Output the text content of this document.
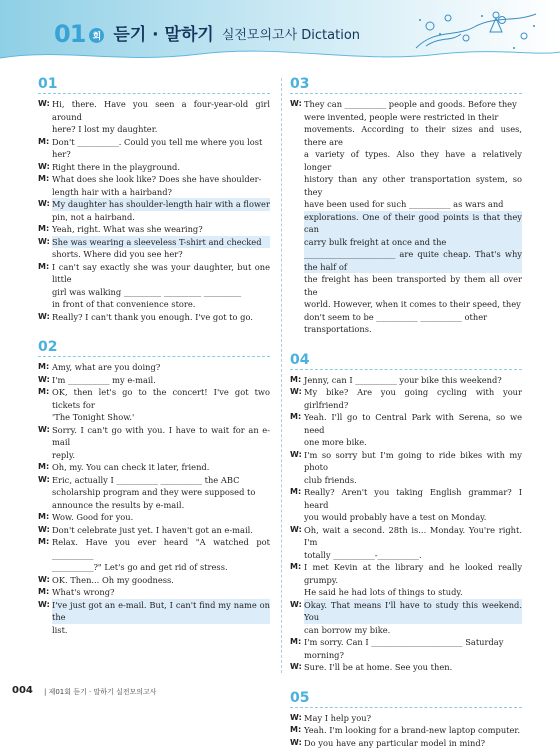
01 회 듣기 · 말하기 실전모의고사 Dictation
01
W: Hi, there. Have you seen a four-year-old girl around
here? I lost my daughter.
M: Don't __________. Could you tell me where you lost
her?
W: Right there in the playground.
M: What does she look like? Does she have shoulder-
length hair with a hairband?
W: My daughter has shoulder-length hair with a flower
pin, not a hairband.
M: Yeah, right. What was she wearing?
W: She was wearing a sleeveless T-shirt and checked
shorts. Where did you see her?
M: I can't say exactly she was your daughter, but one little
girl was walking _________ _________ _________
in front of that convenience store.
W: Really? I can't thank you enough. I've got to go.
02
M: Amy, what are you doing?
W: I'm __________ my e-mail.
M: OK, then let's go to the concert! I've got two tickets for
'The Tonight Show.'
W: Sorry. I can't go with you. I have to wait for an e-mail
reply.
M: Oh, my. You can check it later, friend.
W: Eric, actually I __________ __________ the ABC
scholarship program and they were supposed to
announce the results by e-mail.
M: Wow. Good for you.
W: Don't celebrate just yet. I haven't got an e-mail.
M: Relax. Have you ever heard "A watched pot __________
__________?" Let's go and get rid of stress.
W: OK. Then... Oh my goodness.
M: What's wrong?
W: I've just got an e-mail. But, I can't find my name on the
list.
03
W: They can __________ people and goods. Before they
were invented, people were restricted in their
movements. According to their sizes and uses, there are
a variety of types. Also they have a relatively longer
history than any other transportation system, so they
have been used for such __________ as wars and
explorations. One of their good points is that they can
carry bulk freight at once and the
______________________ are quite cheap. That's why the half of
the freight has been transported by them all over the
world. However, when it comes to their speed, they
don't seem to be __________ __________ other
transportations.
04
M: Jenny, can I __________ your bike this weekend?
W: My bike? Are you going cycling with your girlfriend?
M: Yeah. I'll go to Central Park with Serena, so we need
one more bike.
W: I'm so sorry but I'm going to ride bikes with my photo
club friends.
M: Really? Aren't you taking English grammar? I heard
you would probably have a test on Monday.
W: Oh, wait a second. 28th is... Monday. You're right. I'm
totally __________-__________.
M: I met Kevin at the library and he looked really grumpy.
He said he had lots of things to study.
W: Okay. That means I'll have to study this weekend. You
can borrow my bike.
M: I'm sorry. Can I ______________________ Saturday
morning?
W: Sure. I'll be at home. See you then.
05
W: May I help you?
M: Yeah. I'm looking for a brand-new laptop computer.
W: Do you have any particular model in mind?
004 | 제01회 듣기 · 말하기 실전모의고사
